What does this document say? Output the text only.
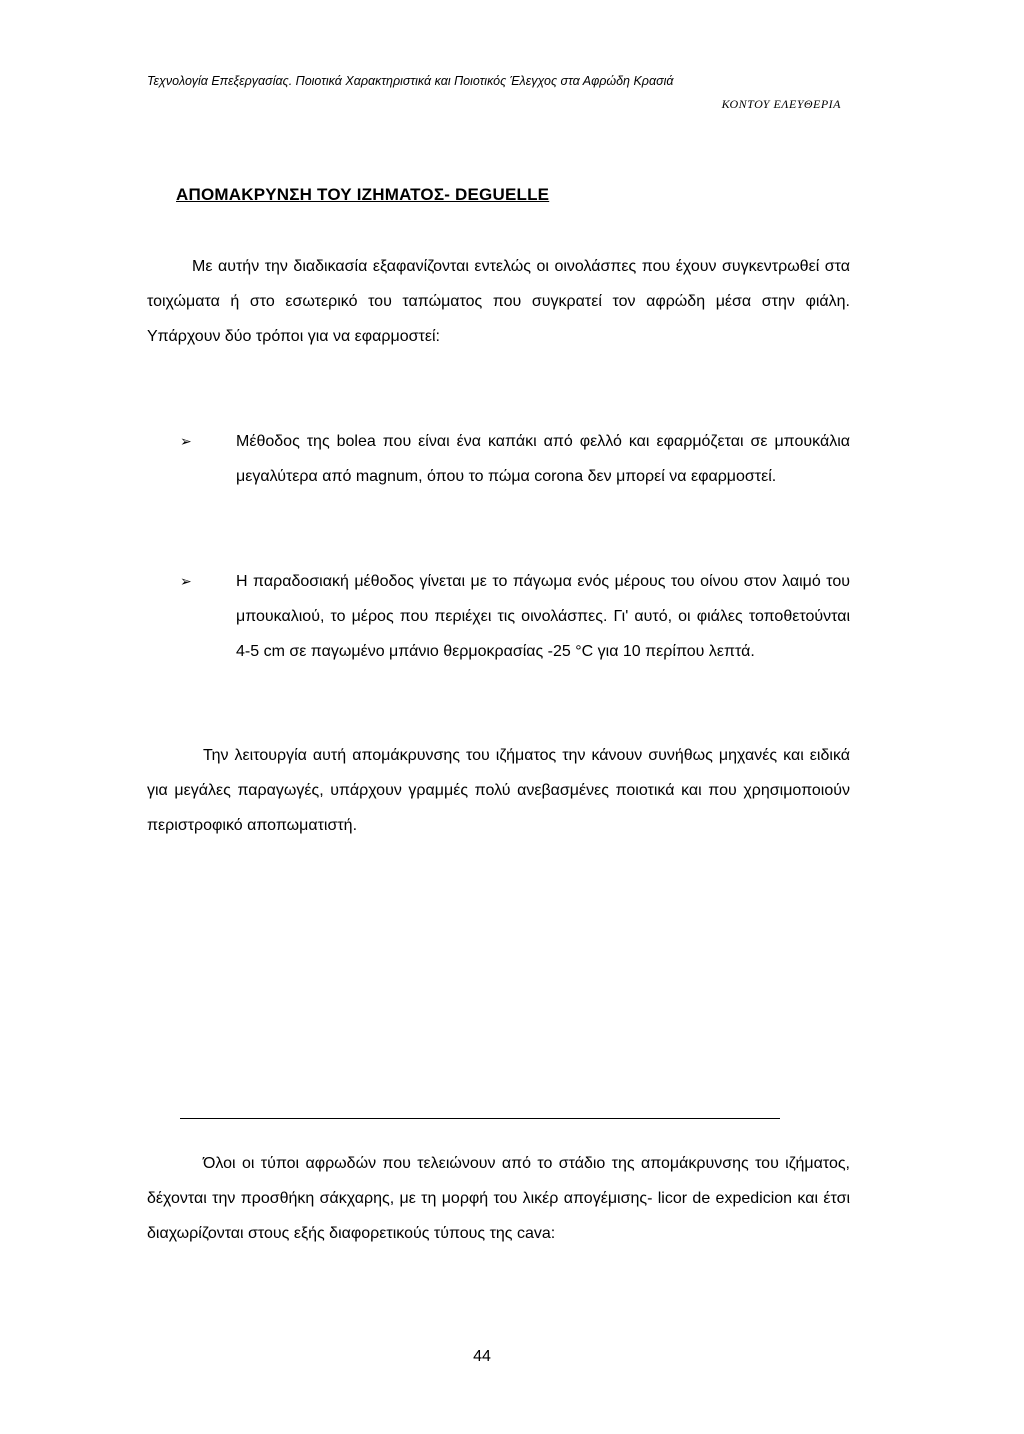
Τεχνολογία Επεξεργασίας. Ποιοτικά Χαρακτηριστικά και Ποιοτικός Έλεγχος στα Αφρώδη Κρασιά
ΚΟΝΤΟΥ ΕΛΕΥΘΕΡΙΑ
ΑΠΟΜΑΚΡΥΝΣΗ ΤΟΥ ΙΖΗΜΑΤΟΣ- DEGUELLE

Με αυτήν την διαδικασία εξαφανίζονται εντελώς οι οινολάσπες που έχουν συγκεντρωθεί στα τοιχώματα ή στο εσωτερικό του ταπώματος που συγκρατεί τον αφρώδη μέσα στην φιάλη. Υπάρχουν δύο τρόποι για να εφαρμοστεί:

➢	Μέθοδος της bolea που είναι ένα καπάκι από φελλό και εφαρμόζεται σε μπουκάλια μεγαλύτερα από magnum, όπου το πώμα corona δεν μπορεί να εφαρμοστεί.

➢	Η παραδοσιακή μέθοδος γίνεται με το πάγωμα ενός μέρους του οίνου στον λαιμό του μπουκαλιού, το μέρος που περιέχει τις οινολάσπες. Γι' αυτό, οι φιάλες τοποθετούνται 4-5 cm σε παγωμένο μπάνιο θερμοκρασίας -25 °C για 10 περίπου λεπτά.

Την λειτουργία αυτή απομάκρυνσης του ιζήματος την κάνουν συνήθως μηχανές και ειδικά για μεγάλες παραγωγές, υπάρχουν γραμμές πολύ ανεβασμένες ποιοτικά και που χρησιμοποιούν περιστροφικό αποπωματιστή.

Όλοι οι τύποι αφρωδών που τελειώνουν από το στάδιο της απομάκρυνσης του ιζήματος, δέχονται την προσθήκη σάκχαρης, με τη μορφή του λικέρ απογέμισης- licor de expedicion και έτσι διαχωρίζονται στους εξής διαφορετικούς τύπους της cava:

44
